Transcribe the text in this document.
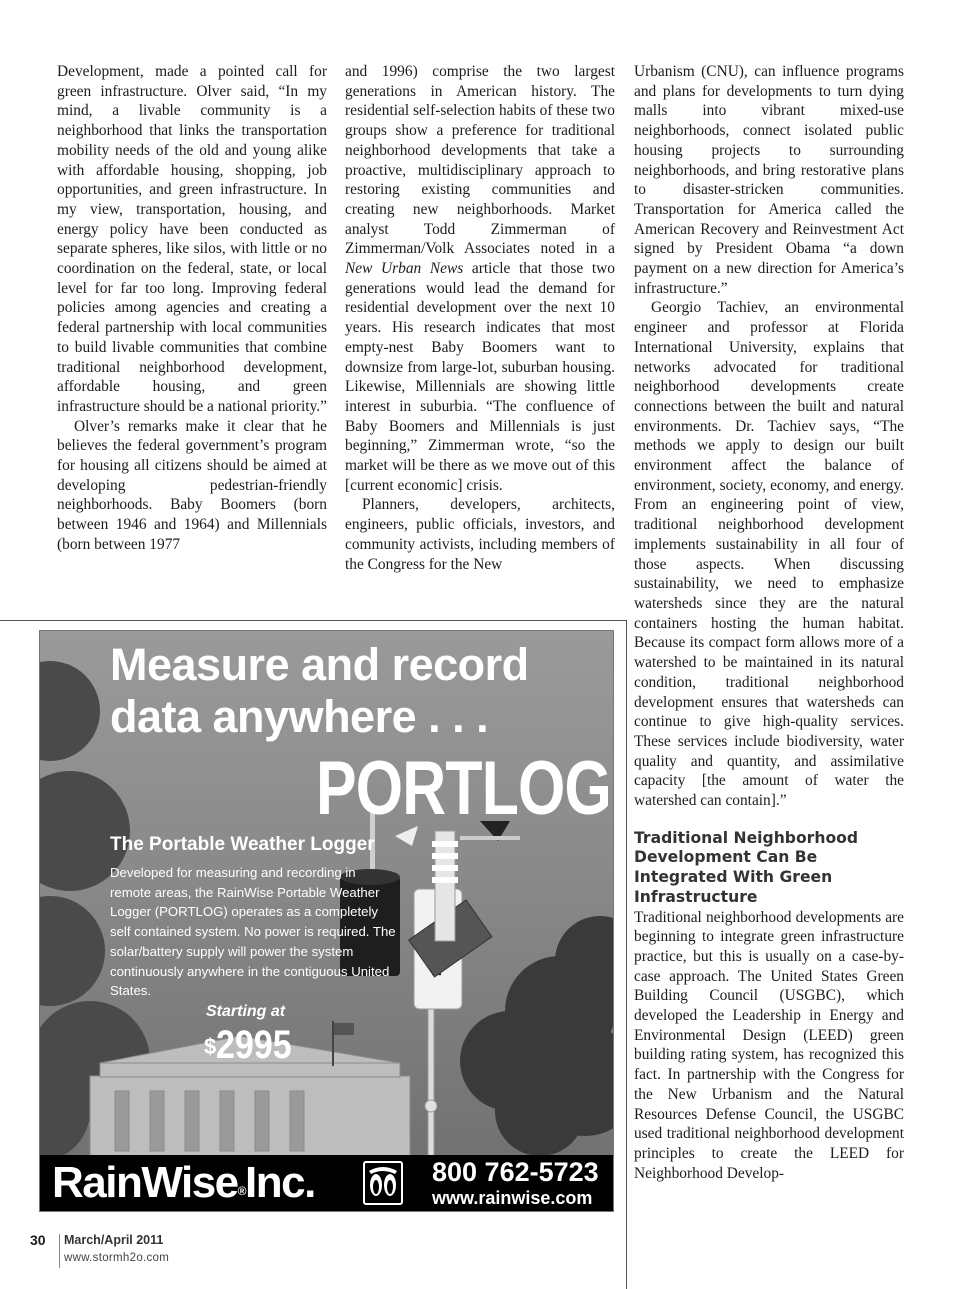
Development, made a pointed call for green infrastructure. Olver said, “In my mind, a livable community is a neighborhood that links the transportation mobility needs of the old and young alike with affordable housing, shopping, job opportunities, and green infrastructure. In my view, transportation, housing, and energy policy have been conducted as separate spheres, like silos, with little or no coordination on the federal, state, or local level for far too long. Improving federal policies among agencies and creating a federal partnership with local communities to build livable communities that combine traditional neighborhood development, affordable housing, and green infrastructure should be a national priority.”

Olver’s remarks make it clear that he believes the federal government’s program for housing all citizens should be aimed at developing pedestrian-friendly neighborhoods. Baby Boomers (born between 1946 and 1964) and Millennials (born between 1977

and 1996) comprise the two largest generations in American history. The residential self-selection habits of these two groups show a preference for traditional neighborhood developments that take a proactive, multidisciplinary approach to restoring existing communities and creating new neighborhoods. Market analyst Todd Zimmerman of Zimmerman/Volk Associates noted in a New Urban News article that those two generations would lead the demand for residential development over the next 10 years. His research indicates that most empty-nest Baby Boomers want to downsize from large-lot, suburban housing. Likewise, Millennials are showing little interest in suburbia. “The confluence of Baby Boomers and Millennials is just beginning,” Zimmerman wrote, “so the market will be there as we move out of this [current economic] crisis.

Planners, developers, architects, engineers, public officials, investors, and community activists, including members of the Congress for the New

Urbanism (CNU), can influence programs and plans for developments to turn dying malls into vibrant mixed-use neighborhoods, connect isolated public housing projects to surrounding neighborhoods, and bring restorative plans to disaster-stricken communities. Transportation for America called the American Recovery and Reinvestment Act signed by President Obama “a down payment on a new direction for America’s infrastructure.”

Georgio Tachiev, an environmental engineer and professor at Florida International University, explains that networks advocated for traditional neighborhood developments create connections between the built and natural environments. Dr. Tachiev says, “The methods we apply to design our built environment affect the balance of environment, society, economy, and energy. From an engineering point of view, traditional neighborhood development implements sustainability in all four of those aspects. When discussing sustainability, we need to emphasize watersheds since they are the natural containers hosting the human habitat. Because its compact form allows more of a watershed to be maintained in its natural condition, traditional neighborhood development ensures that watersheds can continue to give high-quality services. These services include biodiversity, water quality and quantity, and assimilative capacity [the amount of water the watershed can contain].”

Traditional Neighborhood Development Can Be Integrated With Green Infrastructure

Traditional neighborhood developments are beginning to integrate green infrastructure practice, but this is usually on a case-by-case approach. The United States Green Building Council (USGBC), which developed the Leadership in Energy and Environmental Design (LEED) green building rating system, has recognized this fact. In partnership with the Congress for the New Urbanism and the Natural Resources Defense Council, the USGBC used traditional neighborhood development principles to create the LEED for Neighborhood Develop-

Measure and record
data anywhere . . .
PORTLOG
The Portable Weather Logger
Developed for measuring and recording in remote areas, the RainWise Portable Weather Logger (PORTLOG) operates as a completely self contained system. No power is required. The solar/battery supply will power the system continuously anywhere in the contiguous United States.
Starting at
$2995
RainWise®Inc.	800 762-5723
www.rainwise.com
30 March/April 2011
www.stormh2o.com
